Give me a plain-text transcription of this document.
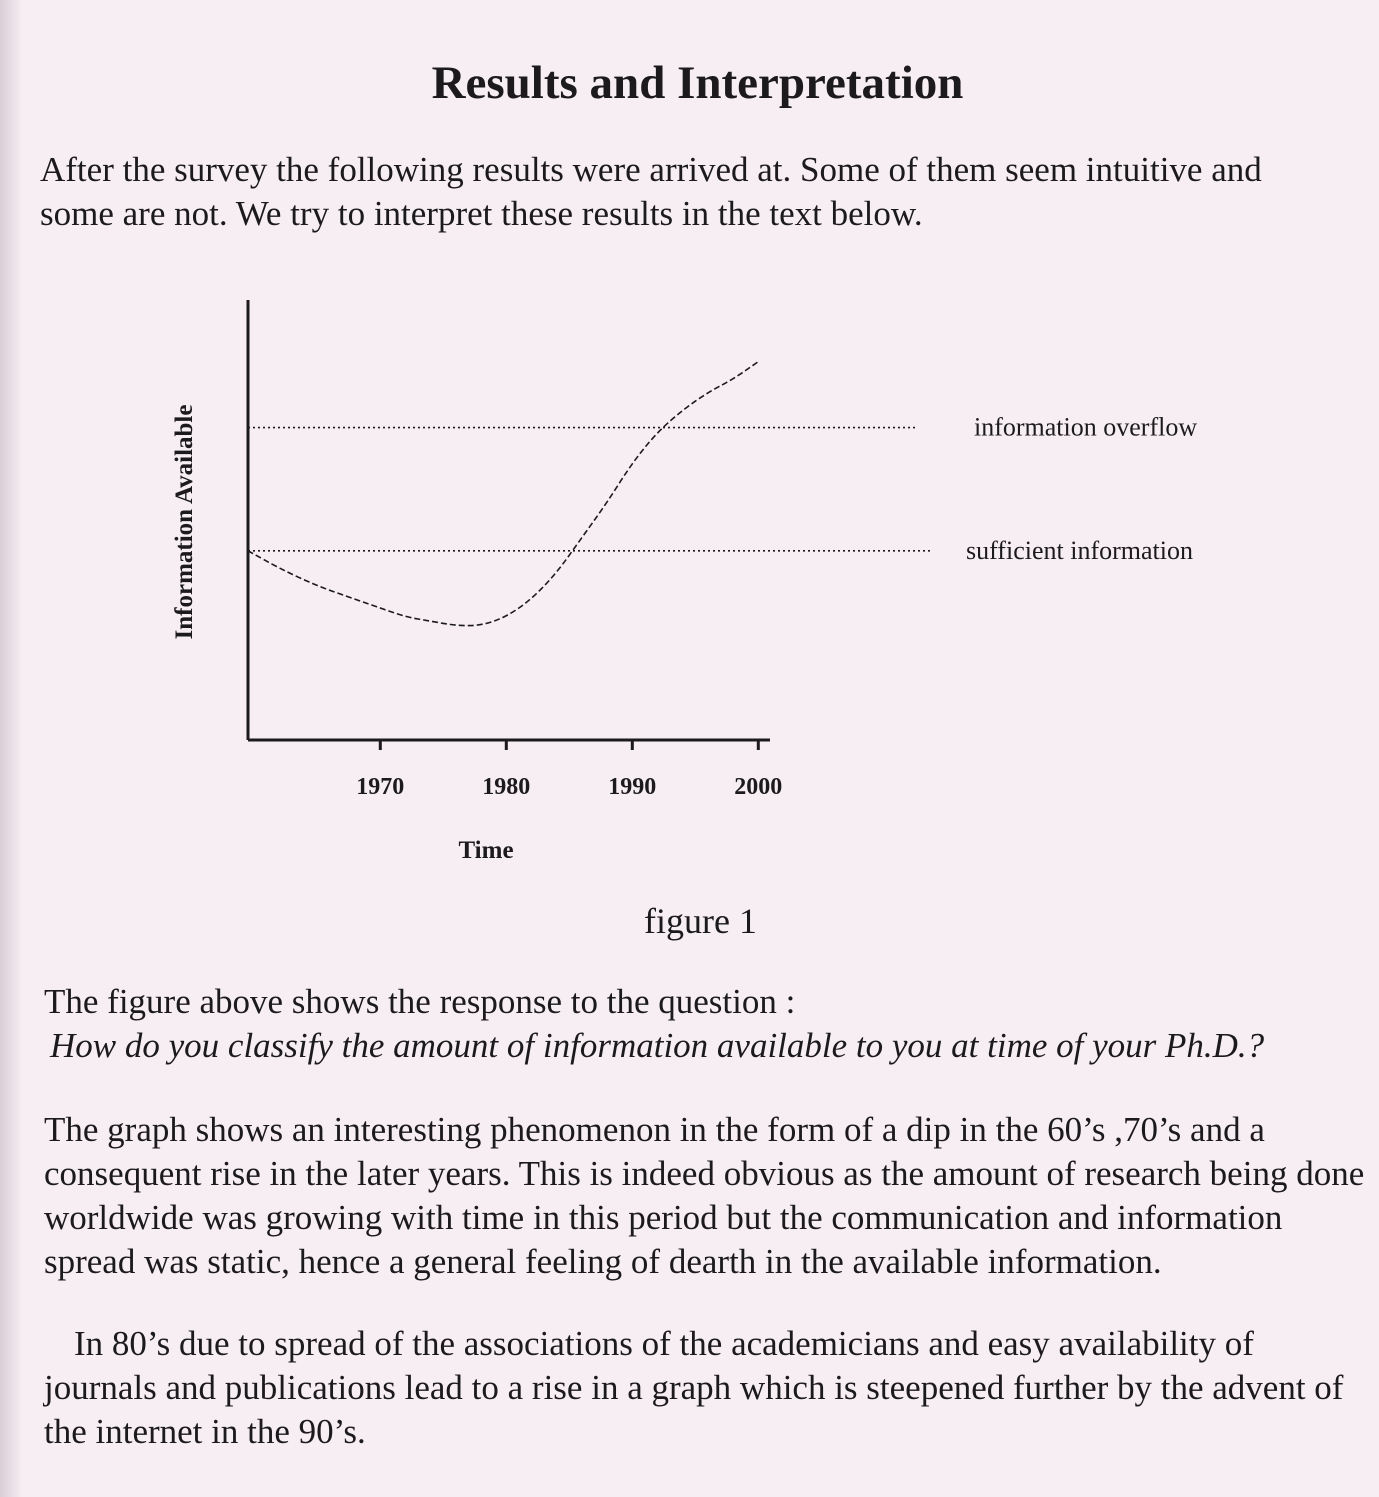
Results and Interpretation

After the survey the following results were arrived at. Some of them seem intuitive and some are not. We try to interpret these results in the text below.

1970	1980	1990	2000
information overflow
sufficient information
Time
Information Available

figure 1

The figure above shows the response to the question :

How do you classify the amount of information available to you at time of your Ph.D.?

The graph shows an interesting phenomenon in the form of a dip in the 60’s ,70’s and a consequent rise in the later years. This is indeed obvious as the amount of research being done worldwide was growing with time in this period but the communication and information spread was static, hence a general feeling of dearth in the available information.

In 80’s due to spread of the associations of the academicians and easy availability of journals and publications lead to a rise in a graph which is steepened further by the advent of the internet in the 90’s.
